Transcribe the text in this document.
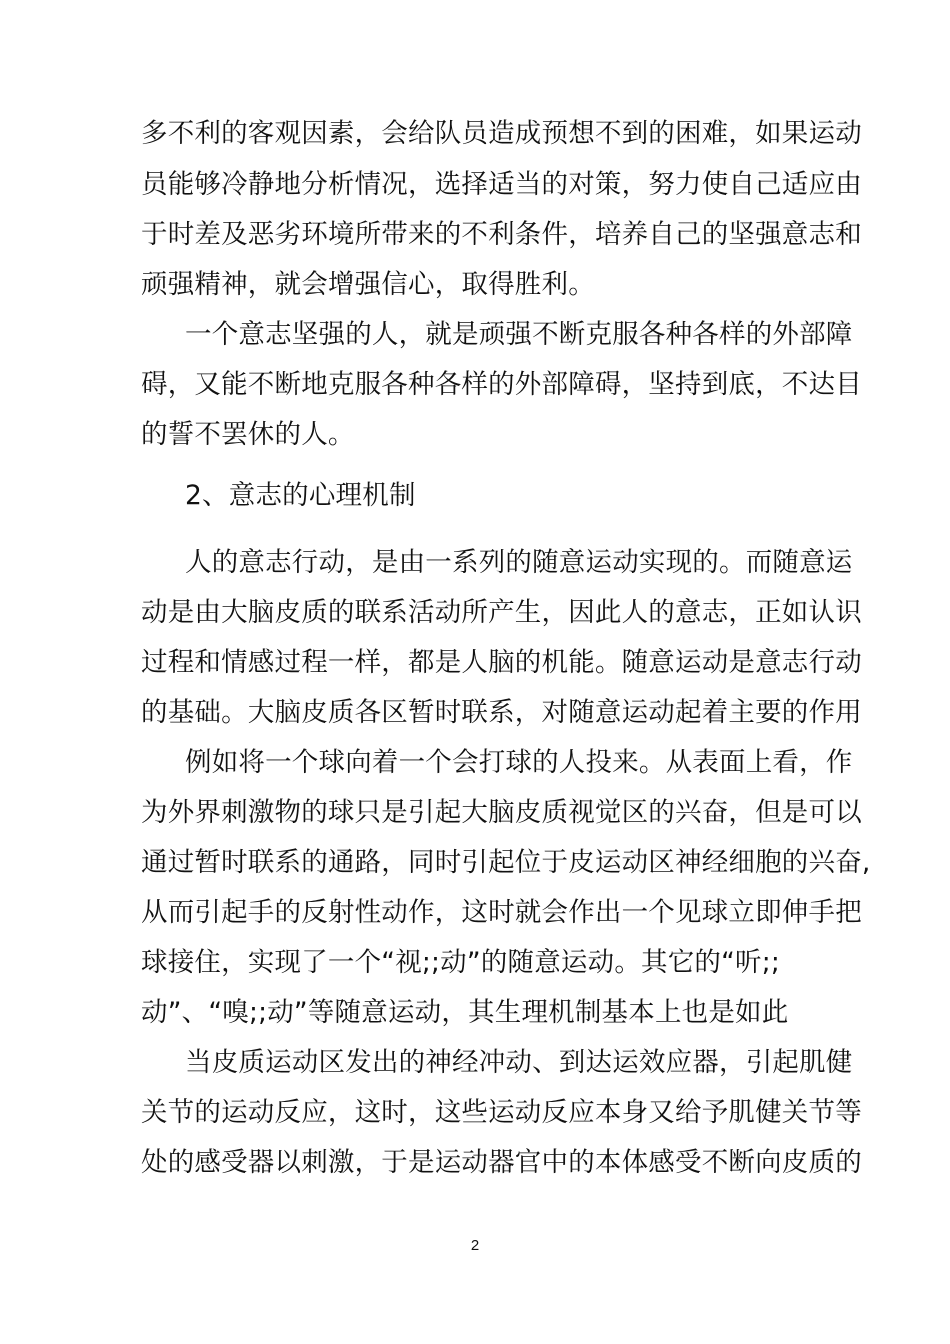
多不利的客观因素，会给队员造成预想不到的困难，如果运动
员能够冷静地分析情况，选择适当的对策，努力使自己适应由
于时差及恶劣环境所带来的不利条件，培养自己的坚强意志和
顽强精神，就会增强信心，取得胜利。
一个意志坚强的人，就是顽强不断克服各种各样的外部障
碍，又能不断地克服各种各样的外部障碍，坚持到底，不达目
的誓不罢休的人。
2、意志的心理机制
人的意志行动，是由一系列的随意运动实现的。而随意运
动是由大脑皮质的联系活动所产生，因此人的意志，正如认识
过程和情感过程一样，都是人脑的机能。随意运动是意志行动
的基础。大脑皮质各区暂时联系，对随意运动起着主要的作用
例如将一个球向着一个会打球的人投来。从表面上看，作
为外界刺激物的球只是引起大脑皮质视觉区的兴奋，但是可以
通过暂时联系的通路，同时引起位于皮运动区神经细胞的兴奋,
从而引起手的反射性动作，这时就会作出一个见球立即伸手把
球接住，实现了一个“视;;动”的随意运动。其它的“听;;
动”、“嗅;;动”等随意运动，其生理机制基本上也是如此
当皮质运动区发出的神经冲动、到达运效应器，引起肌健
关节的运动反应，这时，这些运动反应本身又给予肌健关节等
处的感受器以刺激，于是运动器官中的本体感受不断向皮质的
2
